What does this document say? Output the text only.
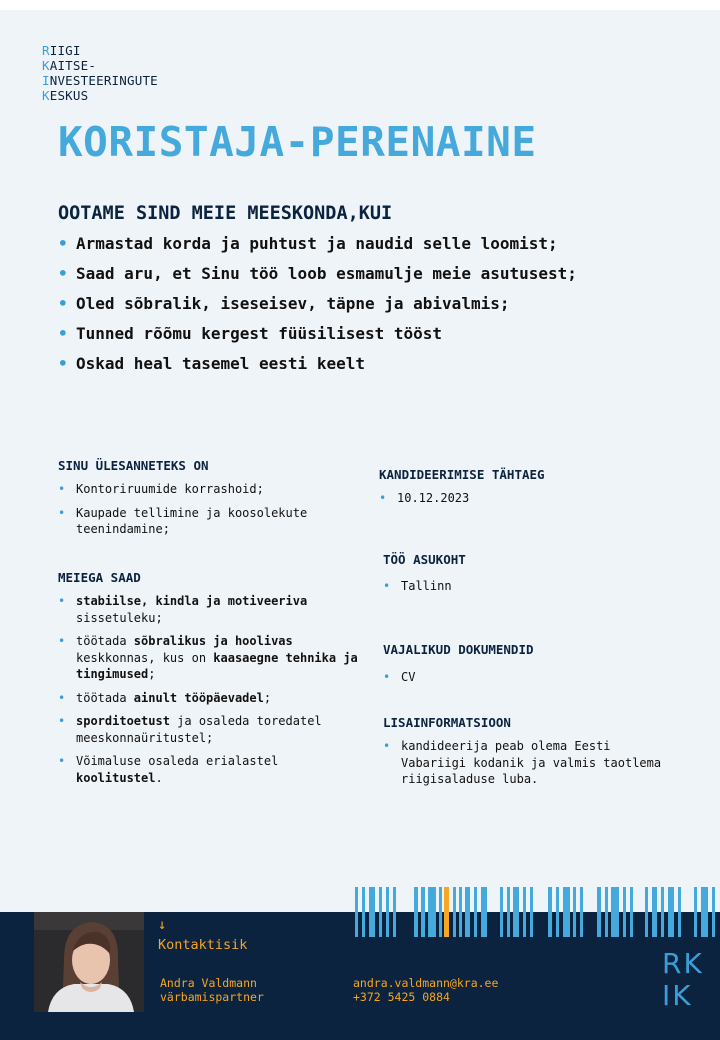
RIIGI
KAITSE-
INVESTEERINGUTE
KESKUS
KORISTAJA-PERENAINE
OOTAME SIND MEIE MEESKONDA,KUI
• Armastad korda ja puhtust ja naudid selle loomist;
• Saad aru, et Sinu töö loob esmamulje meie asutusest;
• Oled sõbralik, iseseisev, täpne ja abivalmis;
• Tunned rõõmu kergest füüsilisest tööst
• Oskad heal tasemel eesti keelt
SINU ÜLESANNETEKS ON
• Kontoriruumide korrashoid;
• Kaupade tellimine ja koosolekute teenindamine;
MEIEGA SAAD
• stabiilse, kindla ja motiveeriva sissetuleku;
• töötada sõbralikus ja hoolivas keskkonnas, kus on kaasaegne tehnika ja tingimused;
• töötada ainult tööpäevadel;
• sporditoetust ja osaleda toredatel meeskonnaüritustel;
• Võimaluse osaleda erialastel koolitustel.
KANDIDEERIMISE TÄHTAEG
• 10.12.2023
TÖÖ ASUKOHT
• Tallinn
VAJALIKUD DOKUMENDID
• CV
LISAINFORMATSIOON
• kandideerija peab olema Eesti Vabariigi kodanik ja valmis taotlema riigisaladuse luba.
↓
Kontaktisik
Andra Valdmann
värbamispartner
andra.valdmann@kra.ee
+372 5425 0884
RK
IK
